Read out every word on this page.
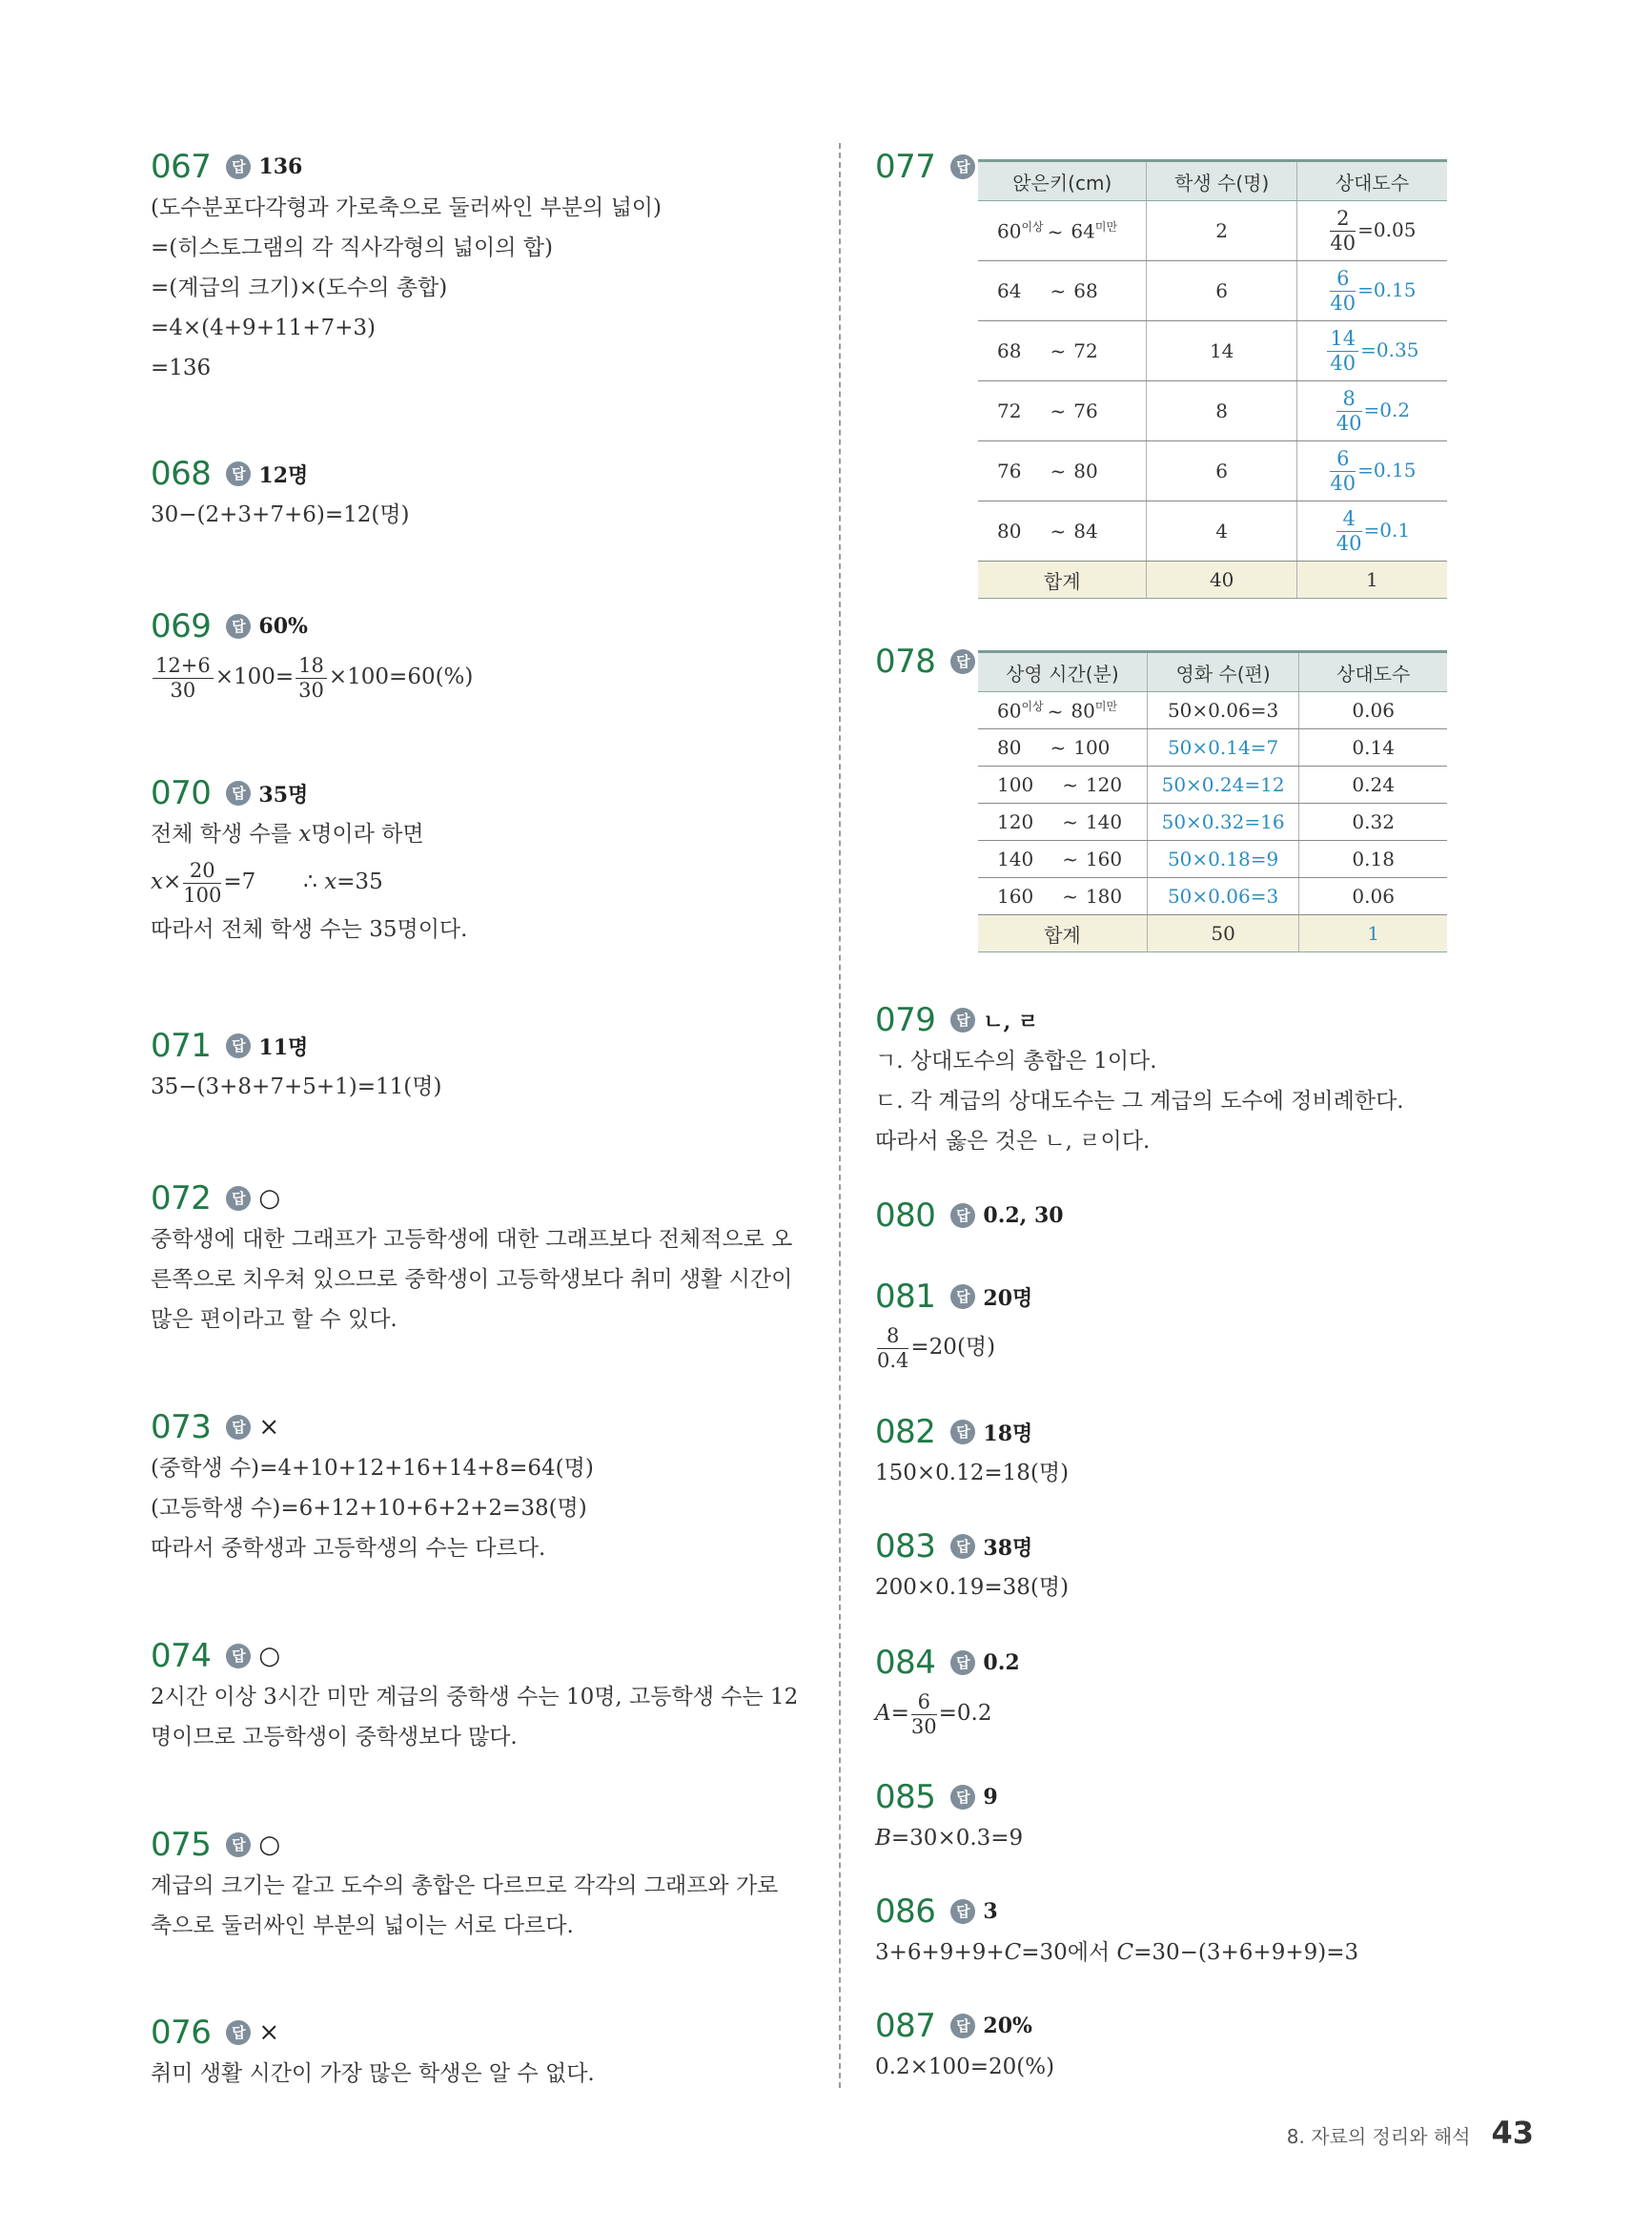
069	답 60%
$\frac{12+6}{30} \times 100= \frac{18}{30} \times 100=60(\%)$
067	답 136
(도수분포다각형과 가로축으로 둘러싸인 부분의 넓이)
=(히스토그램의 각 직사각형의 넓이의 합)
=(계급의 크기)×(도수의 총합)
=4×(4+9+11+7+3)
=136
068	답 12명
30−(2+3+7+6)=12(명)
070	답 35명
전체 학생 수를 𝑥명이라 하면
𝑥× $\frac{20}{100} =7$ ∴ 𝑥=35
따라서 전체 학생 수는 35명이다.
071	답 11명
35−(3+8+7+5+1)=11(명)
072	답 ○
중학생에 대한 그래프가 고등학생에 대한 그래프보다 전체적으로 오
른쪽으로 치우쳐 있으므로 중학생이 고등학생보다 취미 생활 시간이
많은 편이라고 할 수 있다.
073	답 ×
(중학생 수)=4+10+12+16+14+8=64(명)
(고등학생 수)=6+12+10+6+2+2=38(명)
따라서 중학생과 고등학생의 수는 다르다.
074	답 ○
2시간 이상 3시간 미만 계급의 중학생 수는 10명, 고등학생 수는 12
명이므로 고등학생이 중학생보다 많다.
075	답 ○
계급의 크기는 같고 도수의 총합은 다르므로 각각의 그래프와 가로
축으로 둘러싸인 부분의 넓이는 서로 다르다.
076	답 ×
취미 생활 시간이 가장 많은 학생은 알 수 없다.
077	답
앉은키(cm)	학생 수(명)	상대도수
$60^{이상}$ ~ $64^{미만}$	2	$\frac{2}{40} =0.05$
64 ~ 68	6	$\frac{6}{40} =0.15$
68 ~ 72	14	$\frac{14}{40} =0.35$
72 ~ 76	8	$\frac{8}{40} =0.2$
76 ~ 80	6	$\frac{6}{40} =0.15$
80 ~ 84	4	$\frac{4}{40} =0.1$
합계	40	1
078	답
상영 시간(분)	영화 수(편)	상대도수
$60^{이상}$ ~ $80^{미만}$	50×0.06=3	0.06
80 ~ 100	50×0.14=7	0.14
100 ~ 120	50×0.24=12	0.24
120 ~ 140	50×0.32=16	0.32
140 ~ 160	50×0.18=9	0.18
160 ~ 180	50×0.06=3	0.06
합계	50	1
081	답 20명
$\frac{8}{0.4} =20$(명)
084	답 0.2
𝐴= $\frac{6}{30} =0.2$
079	답 ㄴ, ㄹ
ㄱ. 상대도수의 총합은 1이다.
ㄷ. 각 계급의 상대도수는 그 계급의 도수에 정비례한다.
따라서 옳은 것은 ㄴ, ㄹ이다.
080	답 0.2, 30
082	답 18명
150×0.12=18(명)
083	답 38명
200×0.19=38(명)
085	답 9
𝐵=30×0.3=9
086	답 3
3+6+9+9+𝐶=30에서 𝐶=30−(3+6+9+9)=3
087	답 20%
0.2×100=20(%)
8. 자료의 정리와 해석 43
